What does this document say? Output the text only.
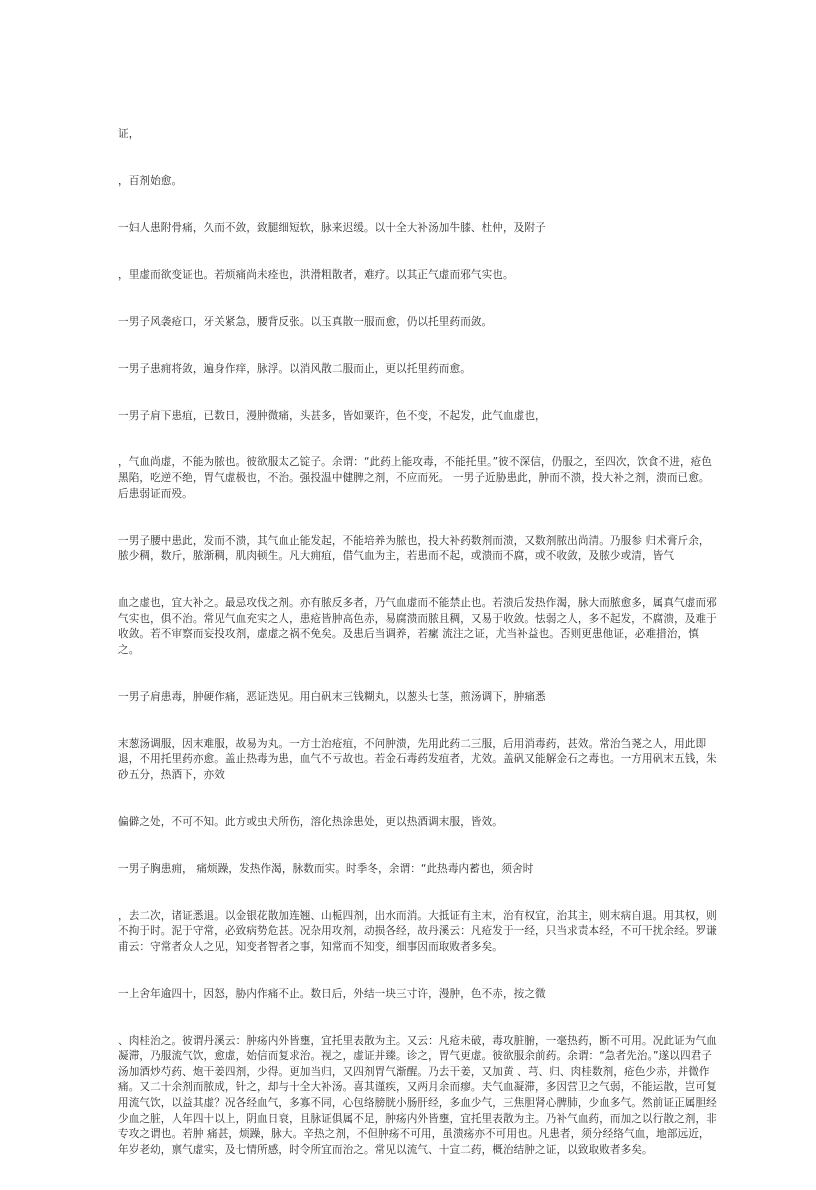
证，

，百剂始愈。

一妇人患附骨痛，久而不敛，致腿细短软，脉来迟缓。以十全大补汤加牛膝、杜仲，及附子

，里虚而欲变证也。若烦痛尚未痊也，洪滑粗散者，难疗。以其正气虚而邪气实也。

一男子风袭疮口，牙关紧急，腰背反张。以玉真散一服而愈，仍以托里药而敛。

一男子患痈将敛，遍身作痒，脉浮。以消风散二服而止，更以托里药而愈。

一男子肩下患疽，已数日，漫肿微痛，头甚多，皆如粟许，色不变，不起发，此气血虚也，

，气血尚虚，不能为脓也。彼欲服太乙锭子。余谓：“此药上能攻毒，不能托里。”彼不深信，仍服之，至四次，饮食不进，疮色黑陷，吃逆不绝，胃气虚极也，不治。强投温中健脾之剂，不应而死。 一男子近胁患此，肿而不溃，投大补之剂，溃而已愈。后患弱证而殁。

一男子腰中患此，发而不溃，其气血止能发起，不能培养为脓也，投大补药数剂而溃，又数剂脓出尚清。乃服参 归术膏斤余，脓少稠，数斤，脓渐稠，肌肉顿生。凡大痈疽，借气血为主，若患而不起，或溃而不腐，或不收敛，及脓少或清，皆气

血之虚也，宜大补之。最忌攻伐之剂。亦有脓反多者，乃气血虚而不能禁止也。若溃后发热作渴，脉大而脓愈多，属真气虚而邪气实也，俱不治。常见气血充实之人，患疮皆肿高色赤，易腐溃而脓且稠，又易于收敛。怯弱之人，多不起发，不腐溃，及难于收敛。若不审察而妄投攻剂，虚虚之祸不免矣。及患后当调养，若瘰 流注之证，尤当补益也。否则更患他证，必难措治，慎之。

一男子肩患毒，肿硬作痛，恶证迭见。用白矾末三钱糊丸，以葱头七茎，煎汤调下，肿痛悉

末葱汤调服，因末难服，故易为丸。一方士治疮疽，不问肿溃，先用此药二三服，后用消毒药，甚效。常治刍荛之人，用此即退，不用托里药亦愈。盖止热毒为患，血气不亏故也。若金石毒药发疽者，尤效。盖矾又能解金石之毒也。一方用矾末五钱，朱砂五分，热酒下，亦效

偏僻之处，不可不知。此方或虫犬所伤，溶化热涂患处，更以热酒调末服，皆效。

一男子胸患痈， 痛烦躁，发热作渴，脉数而实。时季冬，余谓：“此热毒内蓄也，须舍时

，去二次，诸证悉退。以金银花散加连翘、山栀四剂，出水而消。大抵证有主末，治有权宜，治其主，则末病自退。用其权，则不拘于时。泥于守常，必致病势危甚。况杂用攻剂，动损各经，故丹溪云：凡疮发于一经，只当求责本经，不可干扰余经。罗谦甫云：守常者众人之见，知变者智者之事，知常而不知变，细事因而取败者多矣。

一上舍年逾四十，因怒，胁内作痛不止。数日后，外结一块三寸许，漫肿，色不赤，按之微

、肉桂治之。彼谓丹溪云：肿疡内外皆壅，宜托里表散为主。又云：凡疮未破，毒攻脏腑，一毫热药，断不可用。况此证为气血凝滞，乃服流气饮，愈虚，始信而复求治。视之，虚证并臻。诊之，胃气更虚。彼欲服余前药。余谓：“急者先治。”遂以四君子汤加酒炒芍药、炮干姜四剂，少得。更加当归，又四剂胃气渐醒。乃去干姜，又加黄 、芎、归、肉桂数剂，疮色少赤，并微作痛。又二十余剂而脓成，针之，却与十全大补汤。喜其谨疾，又两月余而瘳。夫气血凝滞，多因营卫之气弱，不能运散，岂可复用流气饮，以益其虚？况各经血气，多寡不同，心包络膀胱小肠肝经，多血少气，三焦胆肾心脾肺，少血多气。然前证正属胆经少血之脏，人年四十以上，阴血日衰，且脉证俱属不足，肿疡内外皆壅，宜托里表散为主。乃补气血药，而加之以行散之剂，非专攻之谓也。若肿 痛甚，烦躁，脉大。辛热之剂，不但肿疡不可用，虽溃疡亦不可用也。凡患者，须分经络气血，地部远近，年岁老幼，禀气虚实，及七情所感，时令所宜而治之。常见以流气、十宣二药，概治结肿之证，以致取败者多矣。
